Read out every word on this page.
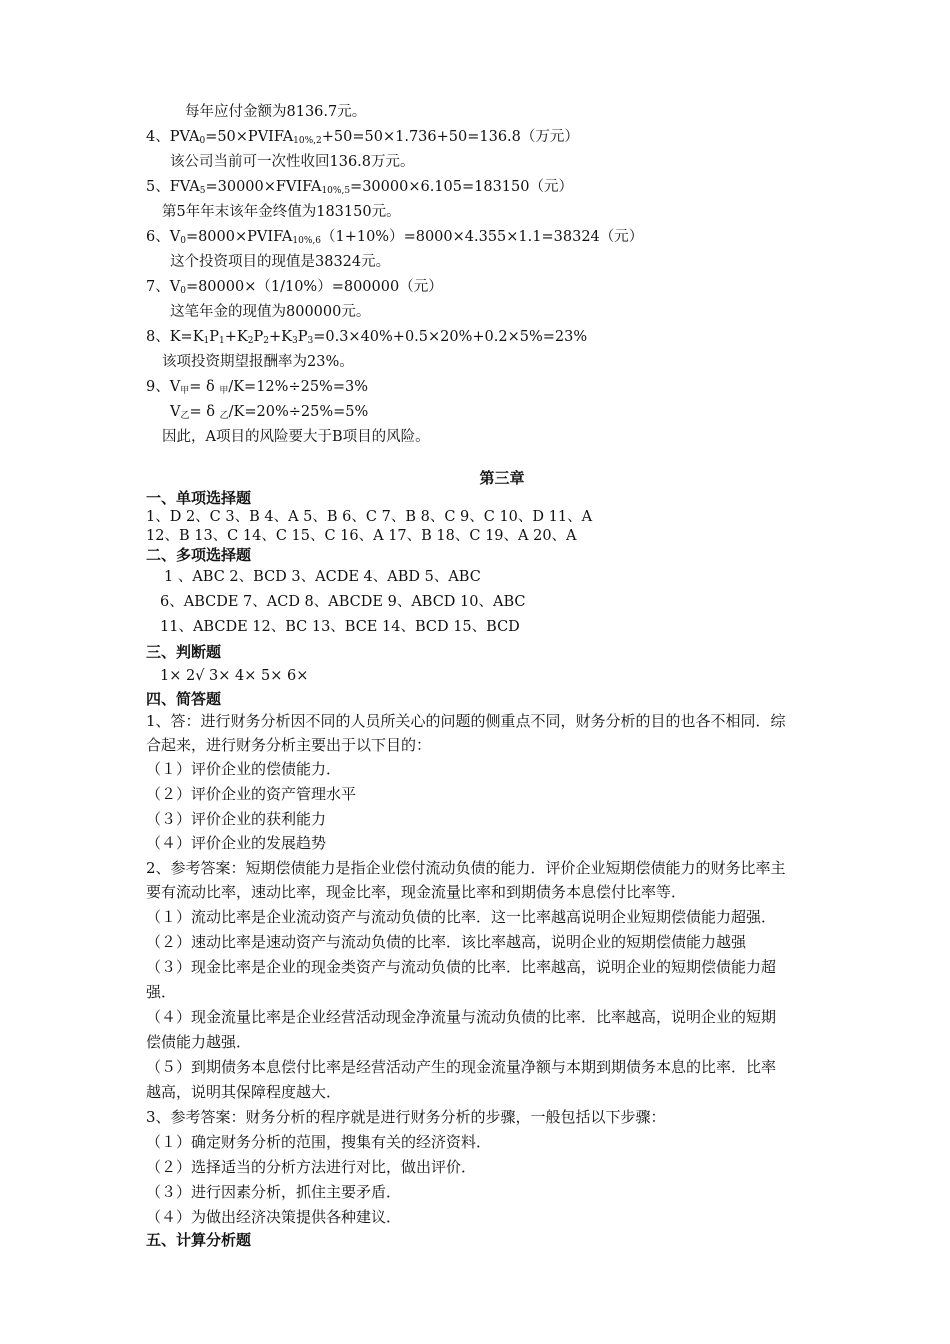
每年应付金额为8136.7元。
4、$PVA_0=50\times PVIFA_{10\%,2}+50=50\times 1.736+50=136.8$（万元）
该公司当前可一次性收回136.8万元。
5、$FVA_5=30000\times FVIFA_{10\%,5}=30000\times 6.105=183150$（元）
第5年年末该年金终值为183150元。
6、$V_0=8000\times PVIFA_{10\%,6}(1+10\%)=8000\times 4.355\times 1.1=38324$（元）
这个投资项目的现值是38324元。
7、$V_0=80000\times(1/10\%)=800000$（元）
这笔年金的现值为800000元。
8、$K=K_1P_1+K_2P_2+K_3P_3=0.3\times 40\%+0.5\times 20\%+0.2\times 5\%=23\%$
该项投资期望报酬率为23%。
9、$V_甲= \delta$ $_甲$/K=12%÷25%=3%
$V_乙= \delta$ $_乙$/K=20%÷25%=5%
因此，A项目的风险要大于B项目的风险。
第三章
一、单项选择题
1、D 2、C 3、B 4、A 5、B 6、C 7、B 8、C 9、C 10、D 11、A
12、B 13、C 14、C 15、C 16、A 17、B 18、C 19、A 20、A
二、多项选择题
1 、ABC 2、BCD 3、ACDE 4、ABD 5、ABC
6、ABCDE 7、ACD 8、ABCDE 9、ABCD 10、ABC
11、ABCDE 12、BC 13、BCE 14、BCD 15、BCD
三、判断题
1× 2√ 3× 4× 5× 6×
四、简答题
1、答：进行财务分析因不同的人员所关心的问题的侧重点不同，财务分析的目的也各不相同．综
合起来，进行财务分析主要出于以下目的：
（１）评价企业的偿债能力．
（２）评价企业的资产管理水平
（３）评价企业的获利能力
（４）评价企业的发展趋势
2、参考答案：短期偿债能力是指企业偿付流动负债的能力．评价企业短期偿债能力的财务比率主
要有流动比率，速动比率，现金比率，现金流量比率和到期债务本息偿付比率等．
（１）流动比率是企业流动资产与流动负债的比率．这一比率越高说明企业短期偿债能力超强．
（２）速动比率是速动资产与流动负债的比率．该比率越高，说明企业的短期偿债能力越强
（３）现金比率是企业的现金类资产与流动负债的比率．比率越高，说明企业的短期偿债能力超
强．
（４）现金流量比率是企业经营活动现金净流量与流动负债的比率．比率越高，说明企业的短期
偿债能力越强．
（５）到期债务本息偿付比率是经营活动产生的现金流量净额与本期到期债务本息的比率．比率
越高，说明其保障程度越大．
3、参考答案：财务分析的程序就是进行财务分析的步骤，一般包括以下步骤：
（１）确定财务分析的范围，搜集有关的经济资料．
（２）选择适当的分析方法进行对比，做出评价．
（３）进行因素分析，抓住主要矛盾．
（４）为做出经济决策提供各种建议．
五、计算分析题
